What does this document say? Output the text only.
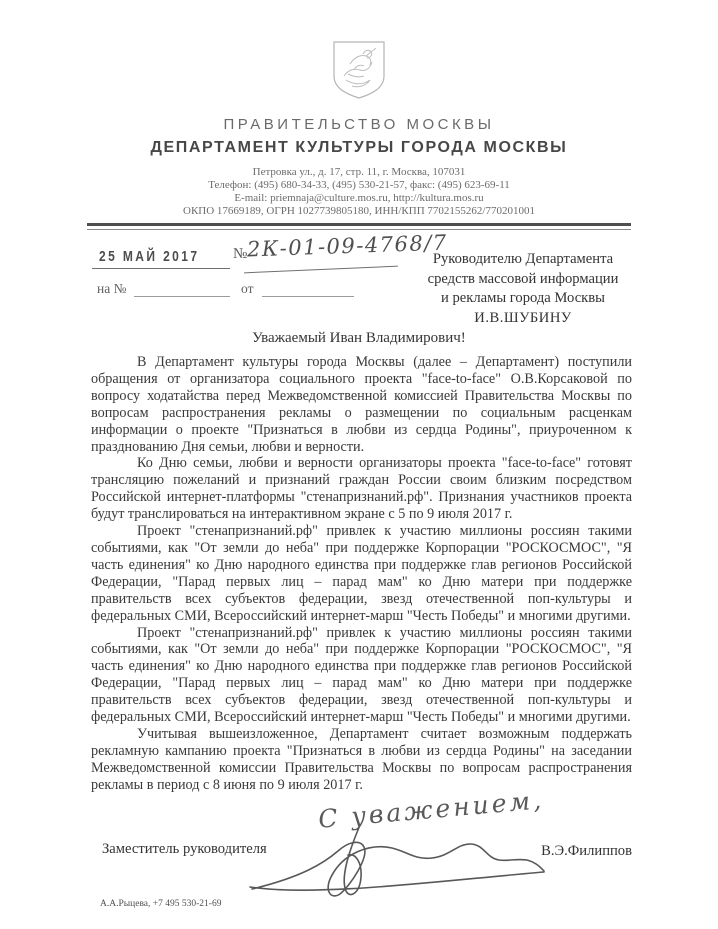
ПРАВИТЕЛЬСТВО МОСКВЫ
ДЕПАРТАМЕНТ КУЛЬТУРЫ ГОРОДА МОСКВЫ
Петровка ул., д. 17, стр. 11, г. Москва, 107031
Телефон: (495) 680-34-33, (495) 530-21-57, факс: (495) 623-69-11
E-mail: priemnaja@culture.mos.ru, http://kultura.mos.ru
ОКПО 17669189, ОГРН 1027739805180, ИНН/КПП 7702155262/770201001
25 МАЙ 2017 № 2К-01-09-4768/7
на №	от
Руководителю Департамента
средств массовой информации
и рекламы города Москвы
И.В.ШУБИНУ
Уважаемый Иван Владимирович!

В Департамент культуры города Москвы (далее – Департамент) поступили обращения от организатора социального проекта "face-to-face" О.В.Корсаковой по вопросу ходатайства перед Межведомственной комиссией Правительства Москвы по вопросам распространения рекламы о размещении по социальным расценкам информации о проекте "Признаться в любви из сердца Родины", приуроченном к празднованию Дня семьи, любви и верности.

Ко Дню семьи, любви и верности организаторы проекта "face-to-face" готовят трансляцию пожеланий и признаний граждан России своим близким посредством Российской интернет-платформы "стенапризнаний.рф". Признания участников проекта будут транслироваться на интерактивном экране с 5 по 9 июля 2017 г.

Проект "стенапризнаний.рф" привлек к участию миллионы россиян такими событиями, как "От земли до неба" при поддержке Корпорации "РОСКОСМОС", "Я часть единения" ко Дню народного единства при поддержке глав регионов Российской Федерации, "Парад первых лиц – парад мам" ко Дню матери при поддержке правительств всех субъектов федерации, звезд отечественной поп-культуры и федеральных СМИ, Всероссийский интернет-марш "Честь Победы" и многими другими.

Проект "стенапризнаний.рф" привлек к участию миллионы россиян такими событиями, как "От земли до неба" при поддержке Корпорации "РОСКОСМОС", "Я часть единения" ко Дню народного единства при поддержке глав регионов Российской Федерации, "Парад первых лиц – парад мам" ко Дню матери при поддержке правительств всех субъектов федерации, звезд отечественной поп-культуры и федеральных СМИ, Всероссийский интернет-марш "Честь Победы" и многими другими.

Учитывая вышеизложенное, Департамент считает возможным поддержать рекламную кампанию проекта "Признаться в любви из сердца Родины" на заседании Межведомственной комиссии Правительства Москвы по вопросам распространения рекламы в период с 8 июня по 9 июля 2017 г.

С уважением,
Заместитель руководителя	В.Э.Филиппов
А.А.Рыцева, +7 495 530-21-69
